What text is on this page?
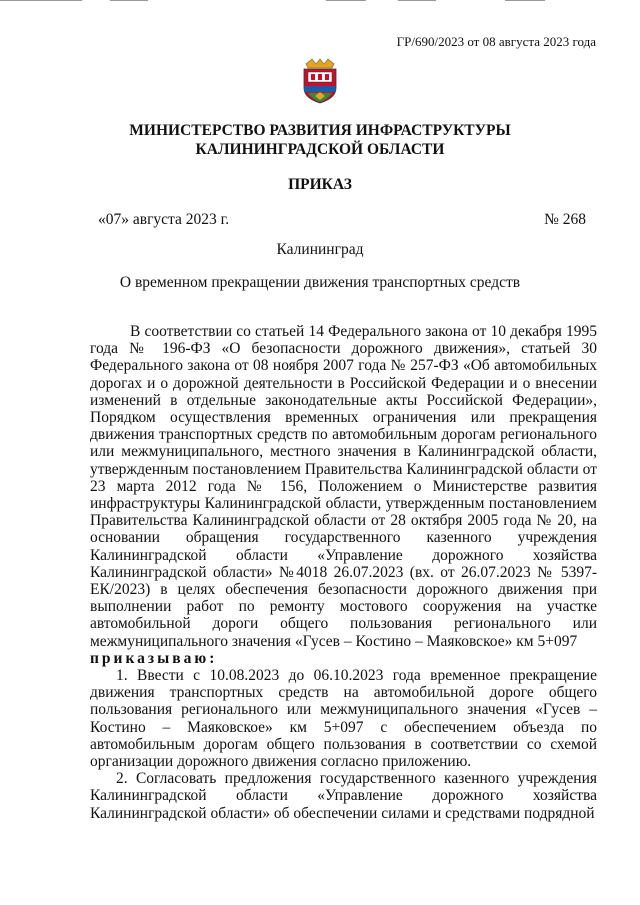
ГР/690/2023 от 08 августа 2023 года
МИНИСТЕРСТВО РАЗВИТИЯ ИНФРАСТРУКТУРЫ
КАЛИНИНГРАДСКОЙ ОБЛАСТИ
ПРИКАЗ
«07» августа 2023 г.	№ 268
Калининград
О временном прекращении движения транспортных средств

В соответствии со статьей 14 Федерального закона от 10 декабря 1995 года № 196-ФЗ «О безопасности дорожного движения», статьей 30 Федерального закона от 08 ноября 2007 года № 257-ФЗ «Об автомобильных дорогах и о дорожной деятельности в Российской Федерации и о внесении изменений в отдельные законодательные акты Российской Федерации», Порядком осуществления временных ограничения или прекращения движения транспортных средств по автомобильным дорогам регионального или межмуниципального, местного значения в Калининградской области, утвержденным постановлением Правительства Калининградской области от 23 марта 2012 года № 156, Положением о Министерстве развития инфраструктуры Калининградской области, утвержденным постановлением Правительства Калининградской области от 28 октября 2005 года № 20, на основании обращения государственного казенного учреждения Калининградской области «Управление дорожного хозяйства Калининградской области» №4018 26.07.2023 (вх. от 26.07.2023 № 5397-ЕК/2023) в целях обеспечения безопасности дорожного движения при выполнении работ по ремонту мостового сооружения на участке автомобильной дороги общего пользования регионального или межмуниципального значения «Гусев – Костино – Маяковское» км 5+097

приказываю:

1. Ввести с 10.08.2023 до 06.10.2023 года временное прекращение движения транспортных средств на автомобильной дороге общего пользования регионального или межмуниципального значения «Гусев – Костино – Маяковское» км 5+097 с обеспечением объезда по автомобильным дорогам общего пользования в соответствии со схемой организации дорожного движения согласно приложению.

2. Согласовать предложения государственного казенного учреждения Калининградской области «Управление дорожного хозяйства Калининградской области» об обеспечении силами и средствами подрядной
